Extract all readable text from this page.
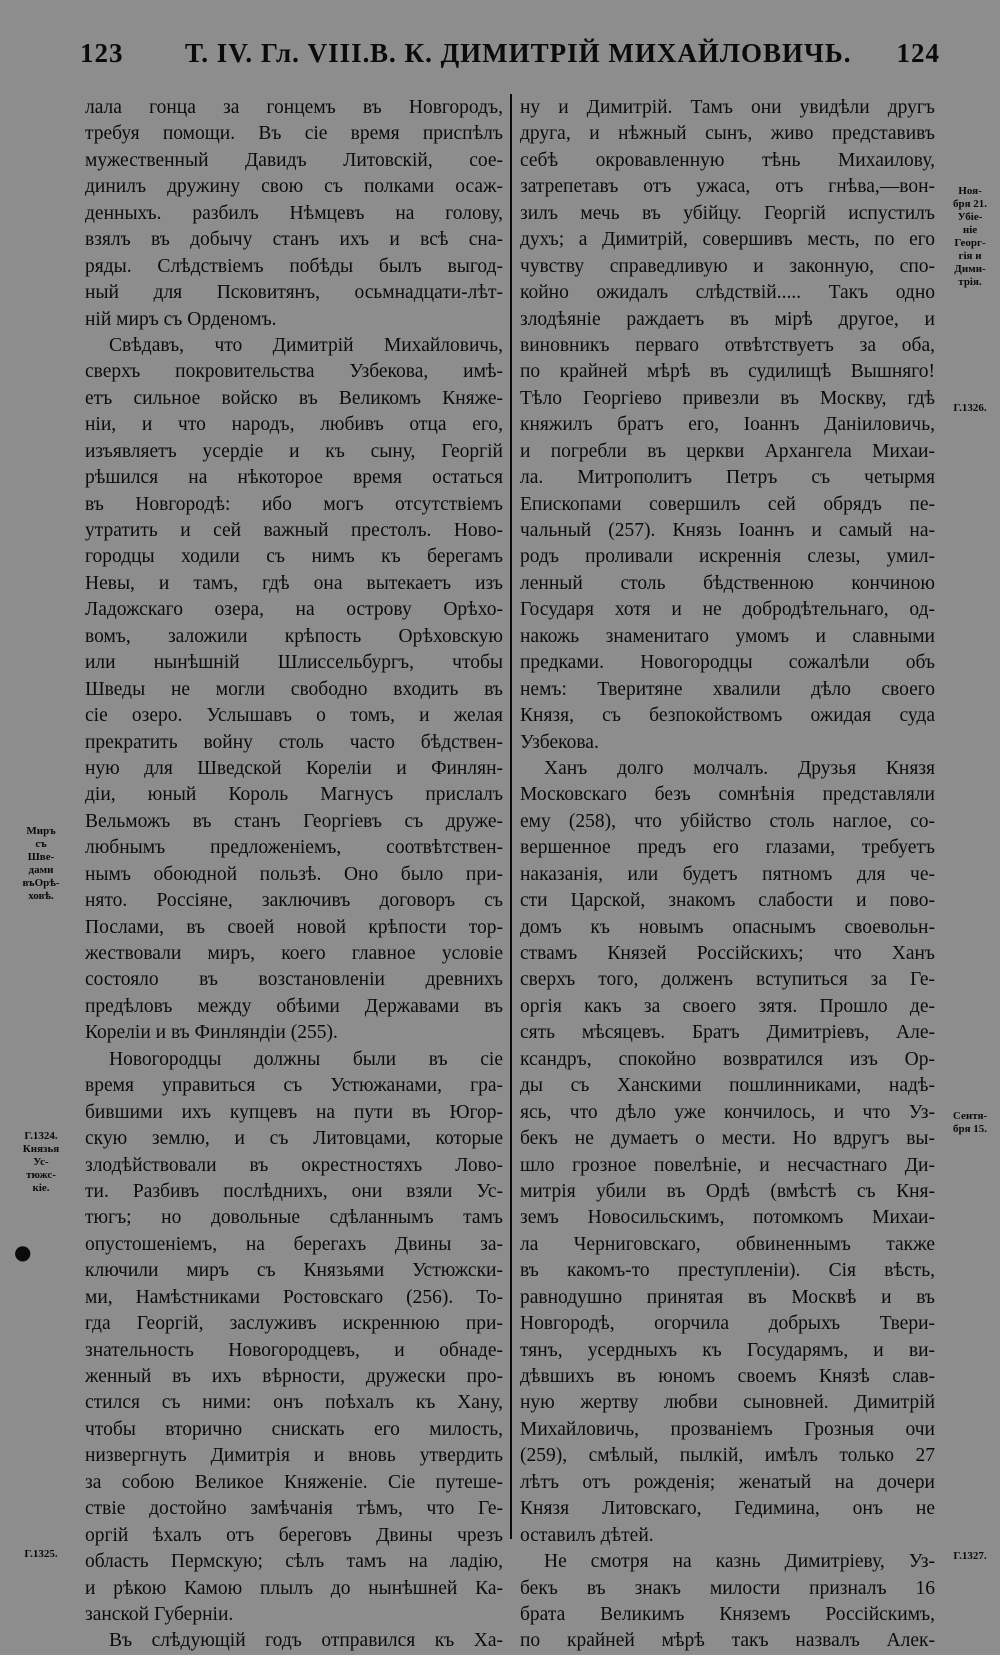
123 Т. IV. Гл. VIII. В. К. ДИМИТРІЙ МИХАЙЛОВИЧЬ. 124
лала гонца за гонцемъ въ Новгородъ,
требуя помощи. Въ сіе время приспѣлъ
мужественный Давидъ Литовскій, сое-
динилъ дружину свою съ полками осаж-
денныхъ. разбилъ Нѣмцевъ на голову,
взялъ въ добычу станъ ихъ и всѣ сна-
ряды. Слѣдствіемъ побѣды былъ выгод-
ный для Псковитянъ, осьмнадцати-лѣт-
ній миръ съ Орденомъ.
Свѣдавъ, что Димитрій Михайловичь,
сверхъ покровительства Узбекова, имѣ-
етъ сильное войско въ Великомъ Княже-
ніи, и что народъ, любивъ отца его,
изъявляетъ усердіе и къ сыну, Георгій
рѣшился на нѣкоторое время остаться
въ Новгородѣ: ибо могъ отсутствіемъ
утратить и сей важный престолъ. Ново-
городцы ходили съ нимъ къ берегамъ
Невы, и тамъ, гдѣ она вытекаетъ изъ
Ладожскаго озера, на острову Орѣхо-
вомъ, заложили крѣпость Орѣховскую
или нынѣшній Шлиссельбургъ, чтобы
Шведы не могли свободно входить въ
сіе озеро. Услышавъ о томъ, и желая
прекратить войну столь часто бѣдствен-
ную для Шведской Кореліи и Финлян-
діи, юный Король Магнусъ прислалъ
Вельможъ въ станъ Георгіевъ съ друже-
любнымъ предложеніемъ, соотвѣтствен-
нымъ обоюдной пользѣ. Оно было при-
нято. Россіяне, заключивъ договоръ съ
Послами, въ своей новой крѣпости тор-
жествовали миръ, коего главное условіе
состояло въ возстановленіи древнихъ
предѣловъ между обѣими Державами въ
Кореліи и въ Финляндіи (255).
Новогородцы должны были въ сіе
время управиться съ Устюжанами, гра-
бившими ихъ купцевъ на пути въ Югор-
скую землю, и съ Литовцами, которые
злодѣйствовали въ окрестностяхъ Лово-
ти. Разбивъ послѣднихъ, они взяли Ус-
тюгъ; но довольные сдѣланнымъ тамъ
опустошеніемъ, на берегахъ Двины за-
ключили миръ съ Князьями Устюжски-
ми, Намѣстниками Ростовскаго (256). То-
гда Георгій, заслуживъ искреннюю при-
знательность Новогородцевъ, и обнаде-
женный въ ихъ вѣрности, дружески про-
стился съ ними: онъ поѣхалъ къ Хану,
чтобы вторично снискать его милость,
низвергнуть Димитрія и вновь утвердить
за собою Великое Княженіе. Сіе путеше-
ствіе достойно замѣчанія тѣмъ, что Ге-
оргій ѣхалъ отъ береговъ Двины чрезъ
область Пермскую; сѣлъ тамъ на ладію,
и рѣкою Камою плылъ до нынѣшней Ка-
занской Губерніи.
Въ слѣдующій годъ отправился къ Ха-
ну и Димитрій. Тамъ они увидѣли другъ
друга, и нѣжный сынъ, живо представивъ
себѣ окровавленную тѣнь Михаилову,
затрепетавъ отъ ужаса, отъ гнѣва,—вон-
зилъ мечь въ убійцу. Георгій испустилъ
духъ; а Димитрій, совершивъ месть, по его
чувству справедливую и законную, спо-
койно ожидалъ слѣдствій..... Такъ одно
злодѣяніе раждаетъ въ мірѣ другое, и
виновникъ перваго отвѣтствуетъ за оба,
по крайней мѣрѣ въ судилищѣ Вышняго!
Тѣло Георгіево привезли въ Москву, гдѣ
княжилъ братъ его, Іоаннъ Даніиловичь,
и погребли въ церкви Архангела Михаи-
ла. Митрополитъ Петръ съ четырмя
Епископами совершилъ сей обрядъ пе-
чальный (257). Князь Іоаннъ и самый на-
родъ проливали искреннія слезы, умил-
ленный столь бѣдственною кончиною
Государя хотя и не добродѣтельнаго, од-
накожь знаменитаго умомъ и славными
предками. Новогородцы сожалѣли объ
немъ: Тверитяне хвалили дѣло своего
Князя, съ безпокойствомъ ожидая суда
Узбекова.
Ханъ долго молчалъ. Друзья Князя
Московскаго безъ сомнѣнія представляли
ему (258), что убійство столь наглое, со-
вершенное предъ его глазами, требуетъ
наказанія, или будетъ пятномъ для че-
сти Царской, знакомъ слабости и пово-
домъ къ новымъ опаснымъ своевольн-
ствамъ Князей Россійскихъ; что Ханъ
сверхъ того, долженъ вступиться за Ге-
оргія какъ за своего зятя. Прошло де-
сять мѣсяцевъ. Братъ Димитріевъ, Але-
ксандръ, спокойно возвратился изъ Ор-
ды съ Ханскими пошлинниками, надѣ-
ясь, что дѣло уже кончилось, и что Уз-
бекъ не думаетъ о мести. Но вдругъ вы-
шло грозное повелѣніе, и несчастнаго Ди-
митрія убили въ Ордѣ (вмѣстѣ съ Кня-
земъ Новосильскимъ, потомкомъ Михаи-
ла Черниговскаго, обвиненнымъ также
въ какомъ-то преступленіи). Сія вѣсть,
равнодушно принятая въ Москвѣ и въ
Новгородѣ, огорчила добрыхъ Твери-
тянъ, усердныхъ къ Государямъ, и ви-
дѣвшихъ въ юномъ своемъ Князѣ слав-
ную жертву любви сыновней. Димитрій
Михайловичь, прозваніемъ Грозныя очи
(259), смѣлый, пылкій, имѣлъ только 27
лѣтъ отъ рожденія; женатый на дочери
Князя Литовскаго, Гедимина, онъ не
оставилъ дѣтей.
Не смотря на казнь Димитріеву, Уз-
бекъ въ знакъ милости призналъ 16
брата Великимъ Княземъ Россійскимъ,
по крайней мѣрѣ такъ назвалъ Алек-
Миръ
съ
Шве-
дами
въОрѣ-
ховѣ.
Г.1324.
Князья
Ус-
тюжс-
кіе.
Г.1325.
Ноя-
бря 21.
Убіе-
ніе
Георг-
гія и
Дими-
трія.
Г.1326.
Сентя-
бря 15.
Г.1327.
●
